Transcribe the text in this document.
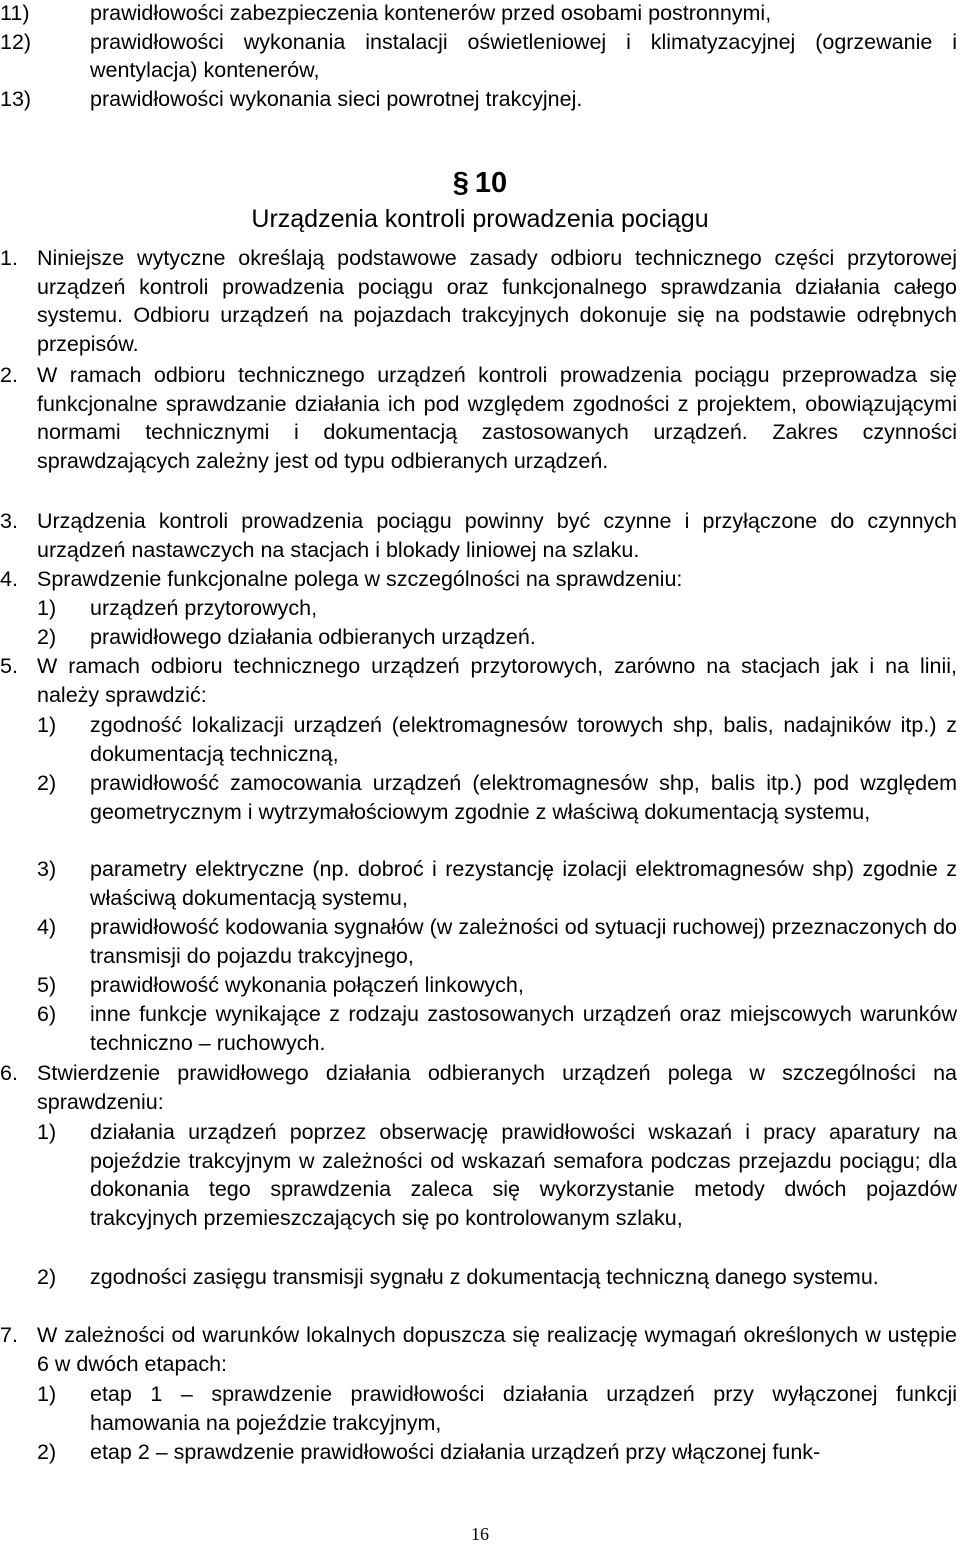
11)	prawidłowości zabezpieczenia kontenerów przed osobami postronnymi,
12)	prawidłowości wykonania instalacji oświetleniowej i klimatyzacyjnej (ogrzewanie i wentylacja) kontenerów,
13)	prawidłowości wykonania sieci powrotnej trakcyjnej.
§ 10
Urządzenia kontroli prowadzenia pociągu
1. Niniejsze wytyczne określają podstawowe zasady odbioru technicznego części przytorowej urządzeń kontroli prowadzenia pociągu oraz funkcjonalnego sprawdzania działania całego systemu. Odbioru urządzeń na pojazdach trakcyjnych dokonuje się na podstawie odrębnych przepisów.
2. W ramach odbioru technicznego urządzeń kontroli prowadzenia pociągu przeprowadza się funkcjonalne sprawdzanie działania ich pod względem zgodności z projektem, obowiązującymi normami technicznymi i dokumentacją zastosowanych urządzeń. Zakres czynności sprawdzających zależny jest od typu odbieranych urządzeń.
3. Urządzenia kontroli prowadzenia pociągu powinny być czynne i przyłączone do czynnych urządzeń nastawczych na stacjach i blokady liniowej na szlaku.
4. Sprawdzenie funkcjonalne polega w szczególności na sprawdzeniu:
1) urządzeń przytorowych,
2) prawidłowego działania odbieranych urządzeń.
5. W ramach odbioru technicznego urządzeń przytorowych, zarówno na stacjach jak i na linii, należy sprawdzić:
1) zgodność lokalizacji urządzeń (elektromagnesów torowych shp, balis, nadajników itp.) z dokumentacją techniczną,
2) prawidłowość zamocowania urządzeń (elektromagnesów shp, balis itp.) pod względem geometrycznym i wytrzymałościowym zgodnie z właściwą dokumentacją systemu,
3) parametry elektryczne (np. dobroć i rezystancję izolacji elektromagnesów shp) zgodnie z właściwą dokumentacją systemu,
4) prawidłowość kodowania sygnałów (w zależności od sytuacji ruchowej) przeznaczonych do transmisji do pojazdu trakcyjnego,
5) prawidłowość wykonania połączeń linkowych,
6) inne funkcje wynikające z rodzaju zastosowanych urządzeń oraz miejscowych warunków techniczno – ruchowych.
6. Stwierdzenie prawidłowego działania odbieranych urządzeń polega w szczególności na sprawdzeniu:
1) działania urządzeń poprzez obserwację prawidłowości wskazań i pracy aparatury na pojeździe trakcyjnym w zależności od wskazań semafora podczas przejazdu pociągu; dla dokonania tego sprawdzenia zaleca się wykorzystanie metody dwóch pojazdów trakcyjnych przemieszczających się po kontrolowanym szlaku,
2) zgodności zasięgu transmisji sygnału z dokumentacją techniczną danego systemu.
7. W zależności od warunków lokalnych dopuszcza się realizację wymagań określonych w ustępie 6 w dwóch etapach:
1) etap 1 – sprawdzenie prawidłowości działania urządzeń przy wyłączonej funkcji hamowania na pojeździe trakcyjnym,
2) etap 2 – sprawdzenie prawidłowości działania urządzeń przy włączonej funk-
16
